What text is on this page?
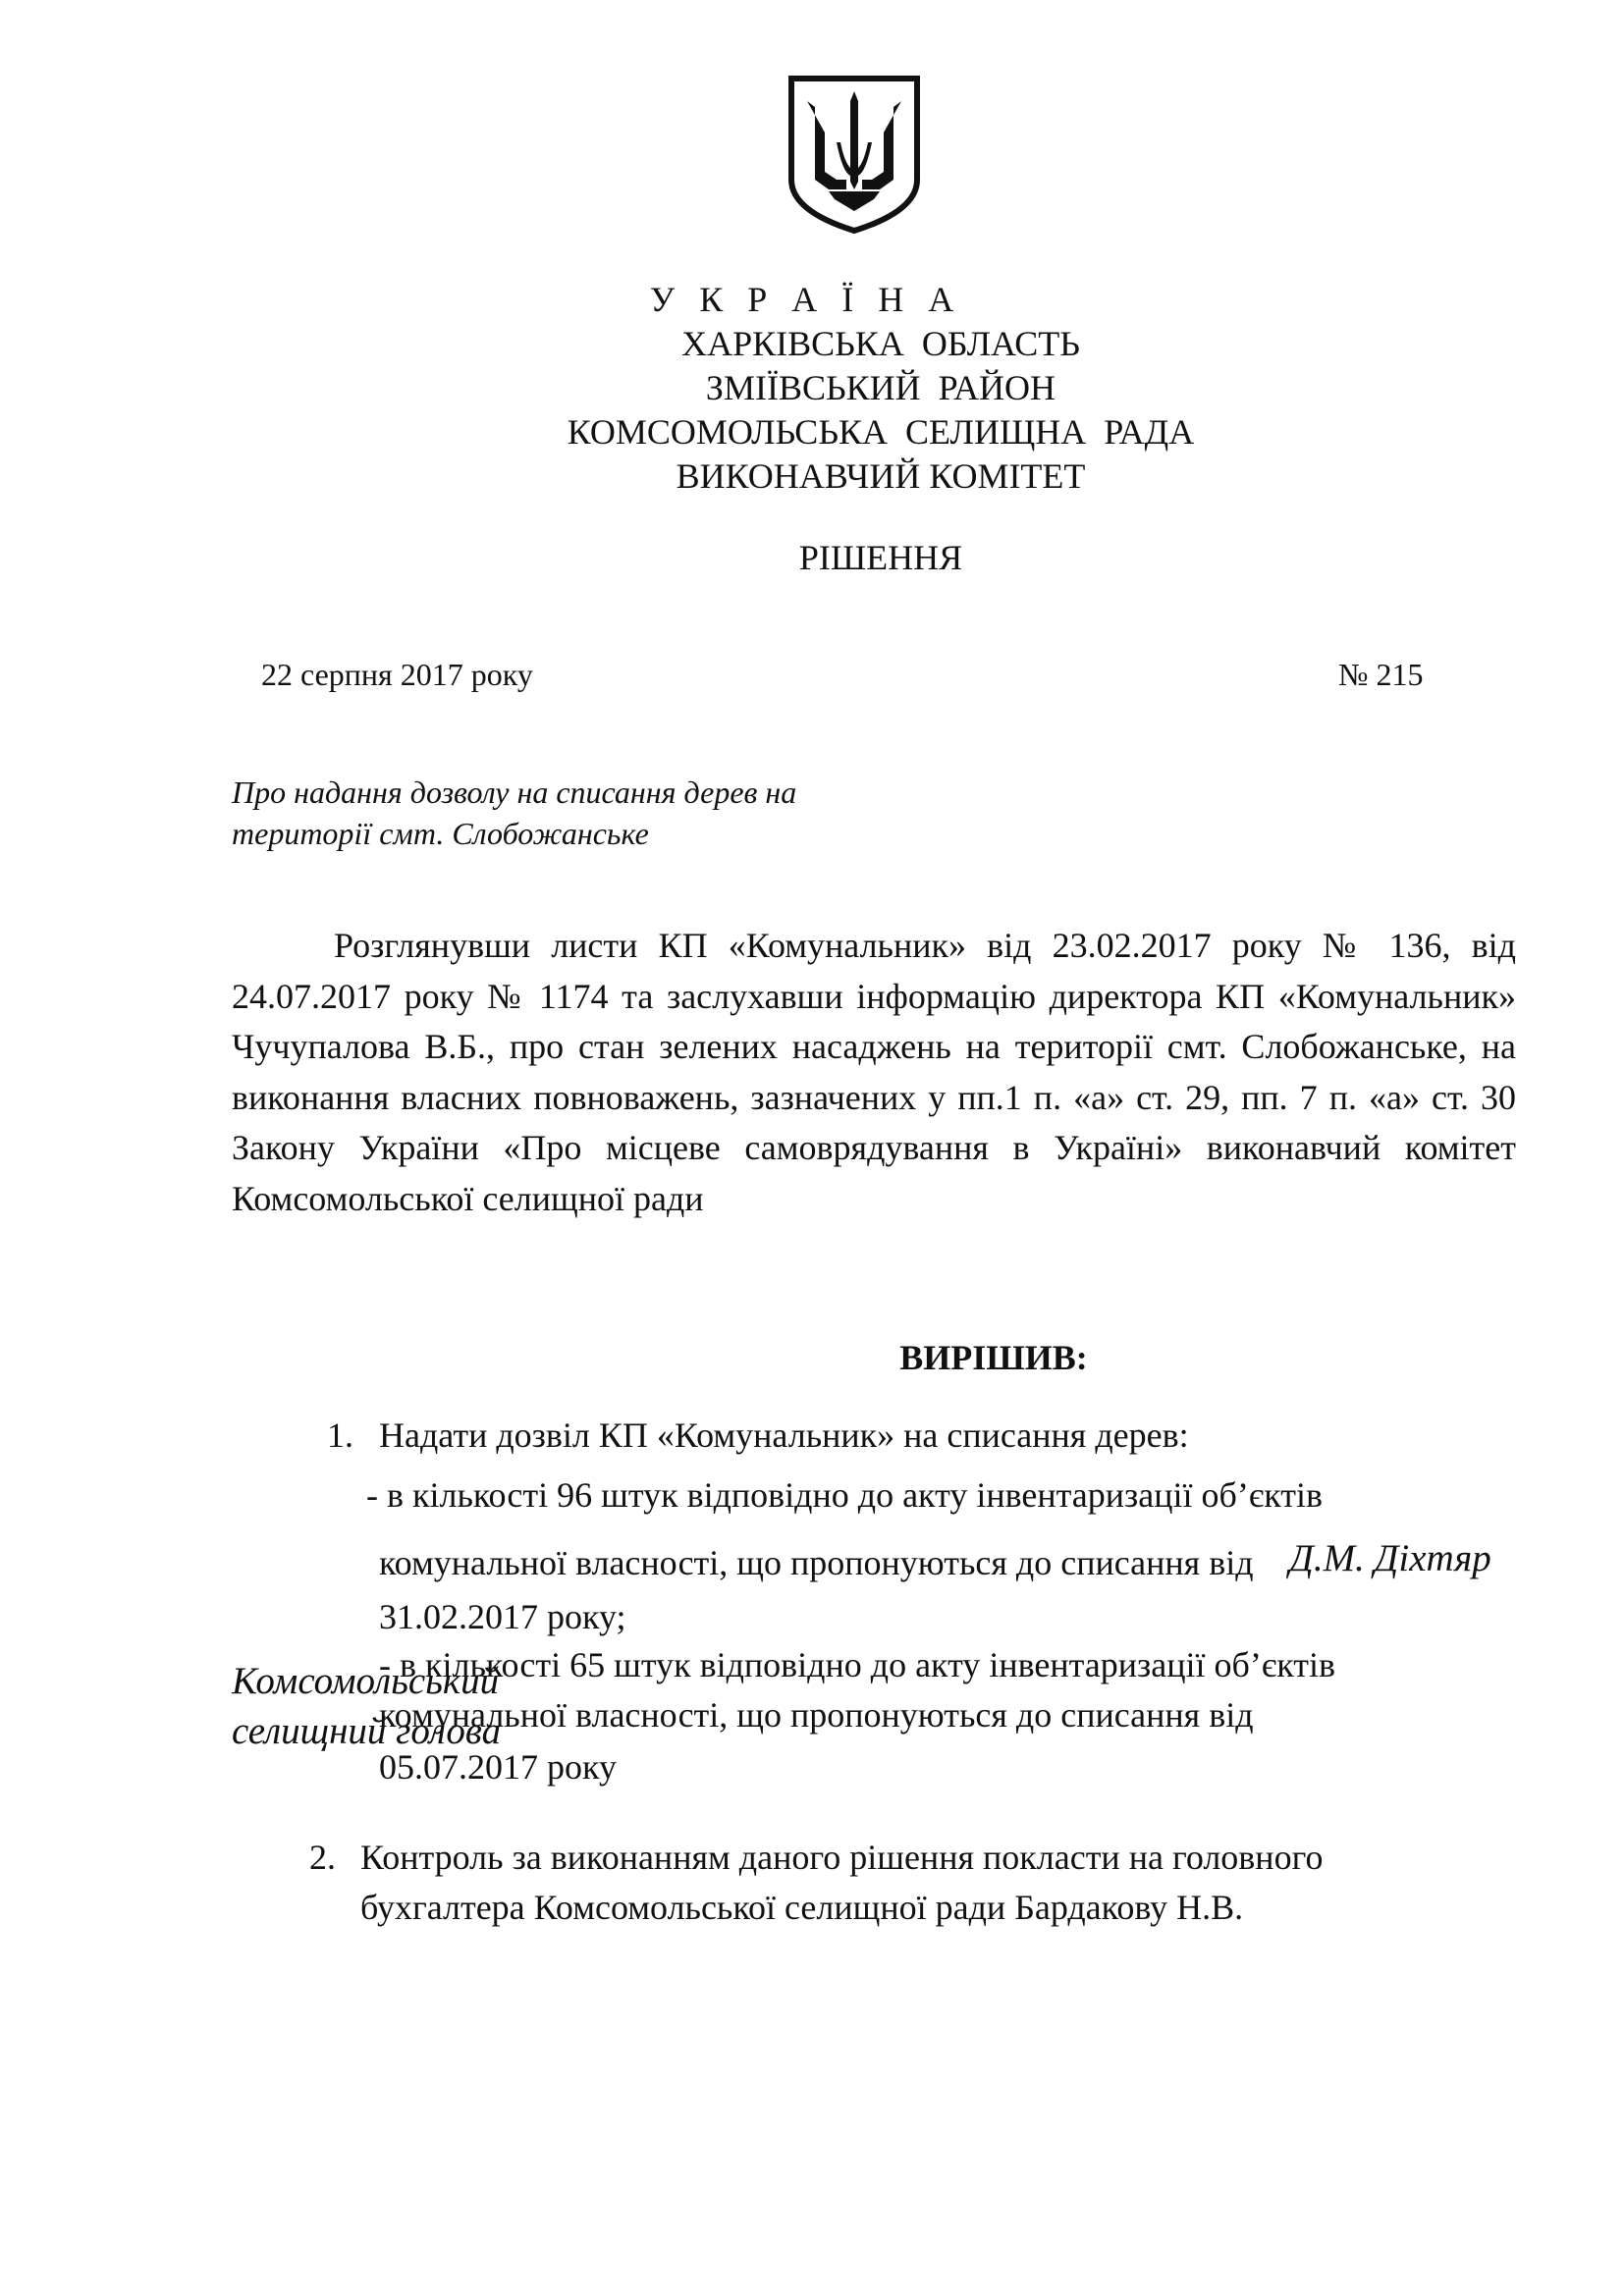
У К Р А Ї Н А
ХАРКІВСЬКА  ОБЛАСТЬ
ЗМІЇВСЬКИЙ  РАЙОН
КОМСОМОЛЬСЬКА  СЕЛИЩНА  РАДА
ВИКОНАВЧИЙ КОМІТЕТ
РІШЕННЯ
22 серпня 2017 року	№ 215
Про надання дозволу на списання дерев на
території смт. Слобожанське

Розглянувши листи КП «Комунальник» від 23.02.2017 року № 136, від 24.07.2017 року № 1174 та заслухавши інформацію директора КП «Комунальник» Чучупалова В.Б., про стан зелених насаджень на території смт. Слобожанське, на виконання власних повноважень, зазначених у пп.1 п. «а» ст. 29, пп. 7 п. «а» ст. 30 Закону України «Про місцеве самоврядування в Україні» виконавчий комітет Комсомольської селищної ради

ВИРІШИВ:
1. Надати дозвіл КП «Комунальник» на списання дерев:
- в кількості 96 штук відповідно до акту інвентаризації об’єктів
комунальної власності, що пропонуються до списання від
31.02.2017 року;
- в кількості 65 штук відповідно до акту інвентаризації об’єктів
комунальної власності, що пропонуються до списання від
05.07.2017 року
2. Контроль за виконанням даного рішення покласти на головного
бухгалтера Комсомольської селищної ради Бардакову Н.В.
Комсомольський
селищний голова
Д.М. Діхтяр
